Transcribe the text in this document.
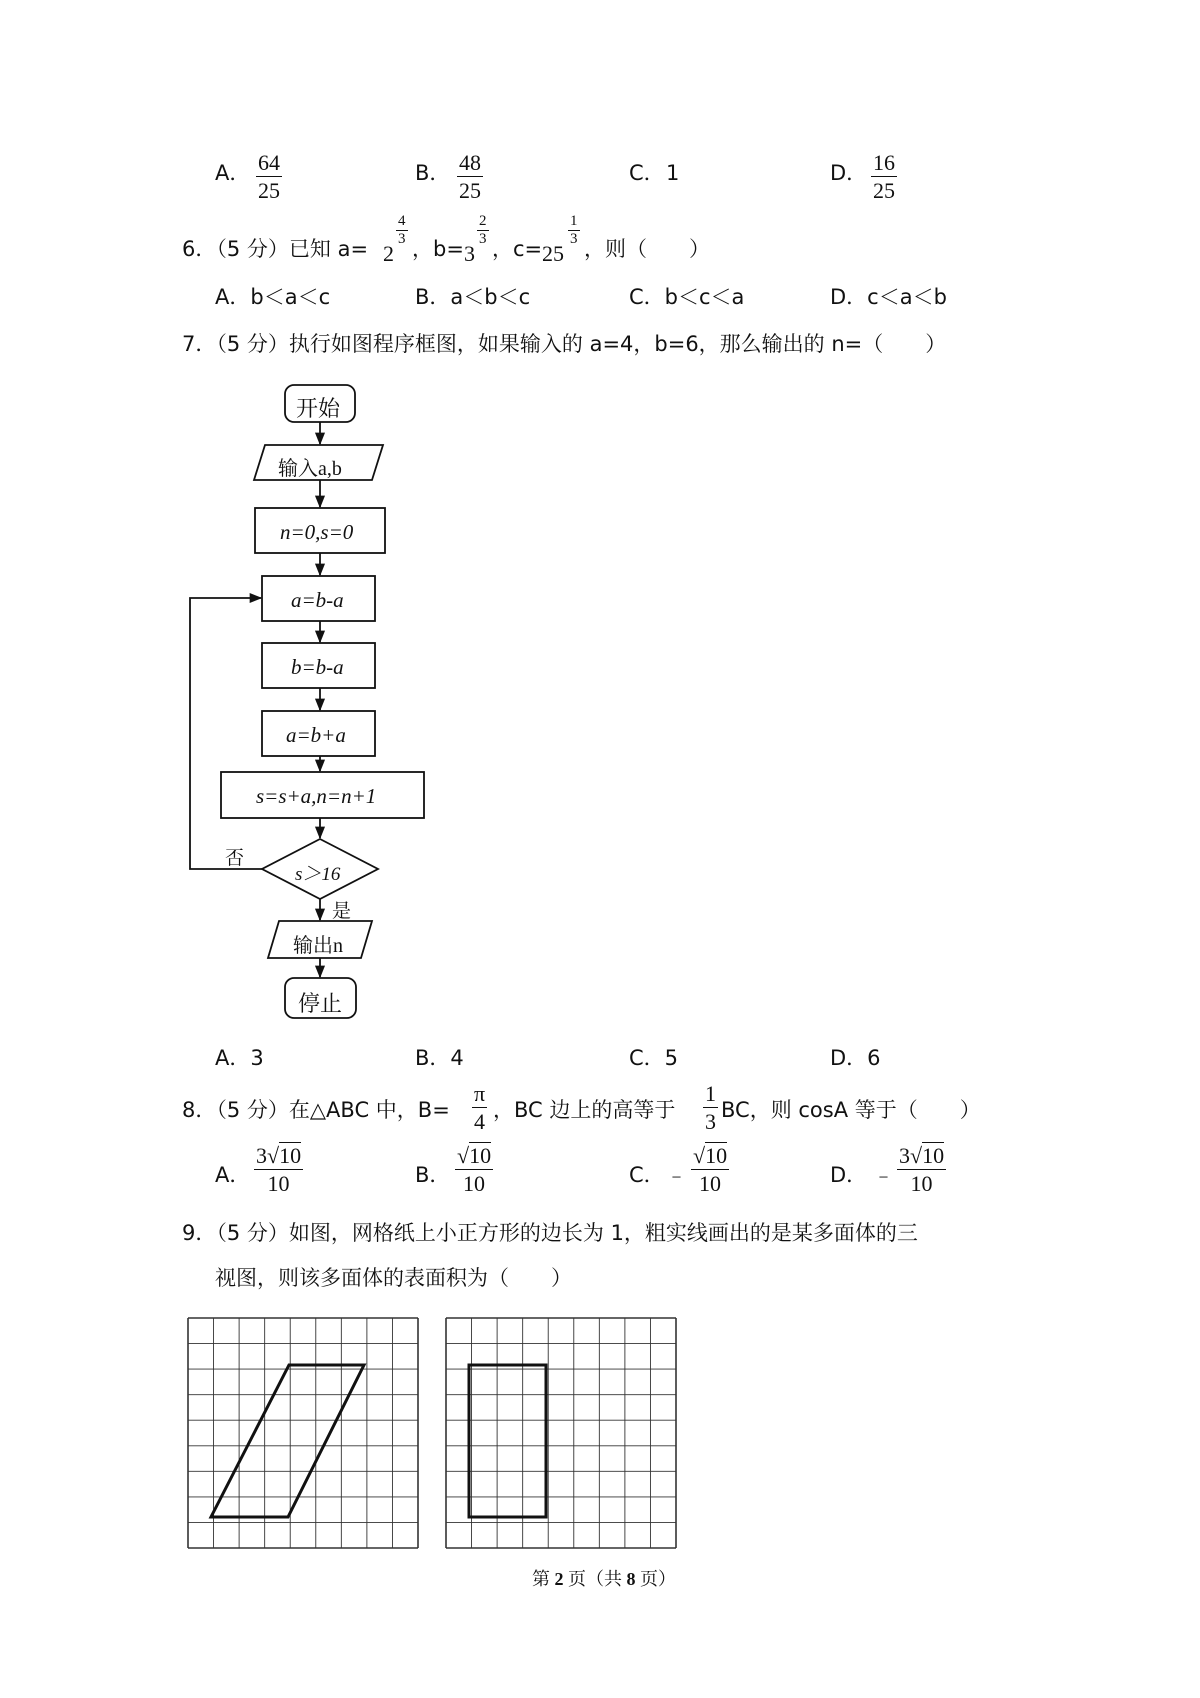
A． $\frac{64}{25}$	B． $\frac{48}{25}$	C． 1	D． $\frac{16}{25}$
6．（5 分）已知 a= 2
$\frac{4}{3}$
，b= 3
$\frac{2}{3}$
，c= 25
$\frac{1}{3}$
，则（　　）
A．b＜a＜c	B．a＜b＜c	C．b＜c＜a	D．c＜a＜b
7．（5 分）执行如图程序框图，如果输入的 a=4，b=6，那么输出的 n=（　　）
开始
输入a,b
n=0,s=0
a=b-a
b=b-a
a=b+a
s=s+a,n=n+1
s＞16
否
是
输出n
停止
A．3	B．4	C．5	D．6
8．（5 分）在△ABC 中，$B= \frac{\pi}{4}$ ，BC 边上的高等于 $\frac{1}{3}$ BC，则 cosA 等于（　　）
A． $\frac{3√10}{10}$	B． $\frac{√10}{10}$	C． ﹣ $\frac{√10}{10}$	D． ﹣ $\frac{3√10}{10}$
9．（5 分）如图，网格纸上小正方形的边长为 1，粗实线画出的是某多面体的三
视图，则该多面体的表面积为（　　）
第 2 页（共 8 页）
